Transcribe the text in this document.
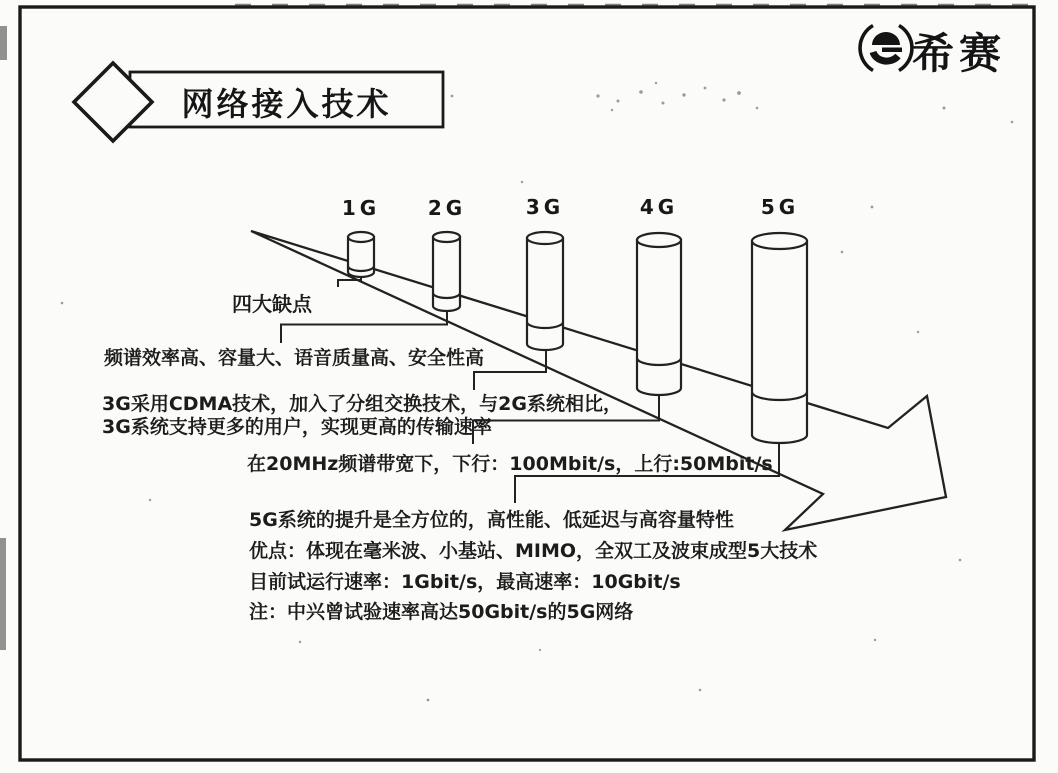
网络接入技术
希赛
1G	2G	3G	4G	5G
四大缺点
频谱效率高、容量大、语音质量高、安全性高
3G采用CDMA技术，加入了分组交换技术，与2G系统相比，
3G系统支持更多的用户，实现更高的传输速率
在20MHz频谱带宽下，下行：100Mbit/s，上行:50Mbit/s
5G系统的提升是全方位的，高性能、低延迟与高容量特性
优点：体现在毫米波、小基站、MIMO，全双工及波束成型5大技术
目前试运行速率：1Gbit/s，最高速率：10Gbit/s
注：中兴曾试验速率高达50Gbit/s的5G网络
